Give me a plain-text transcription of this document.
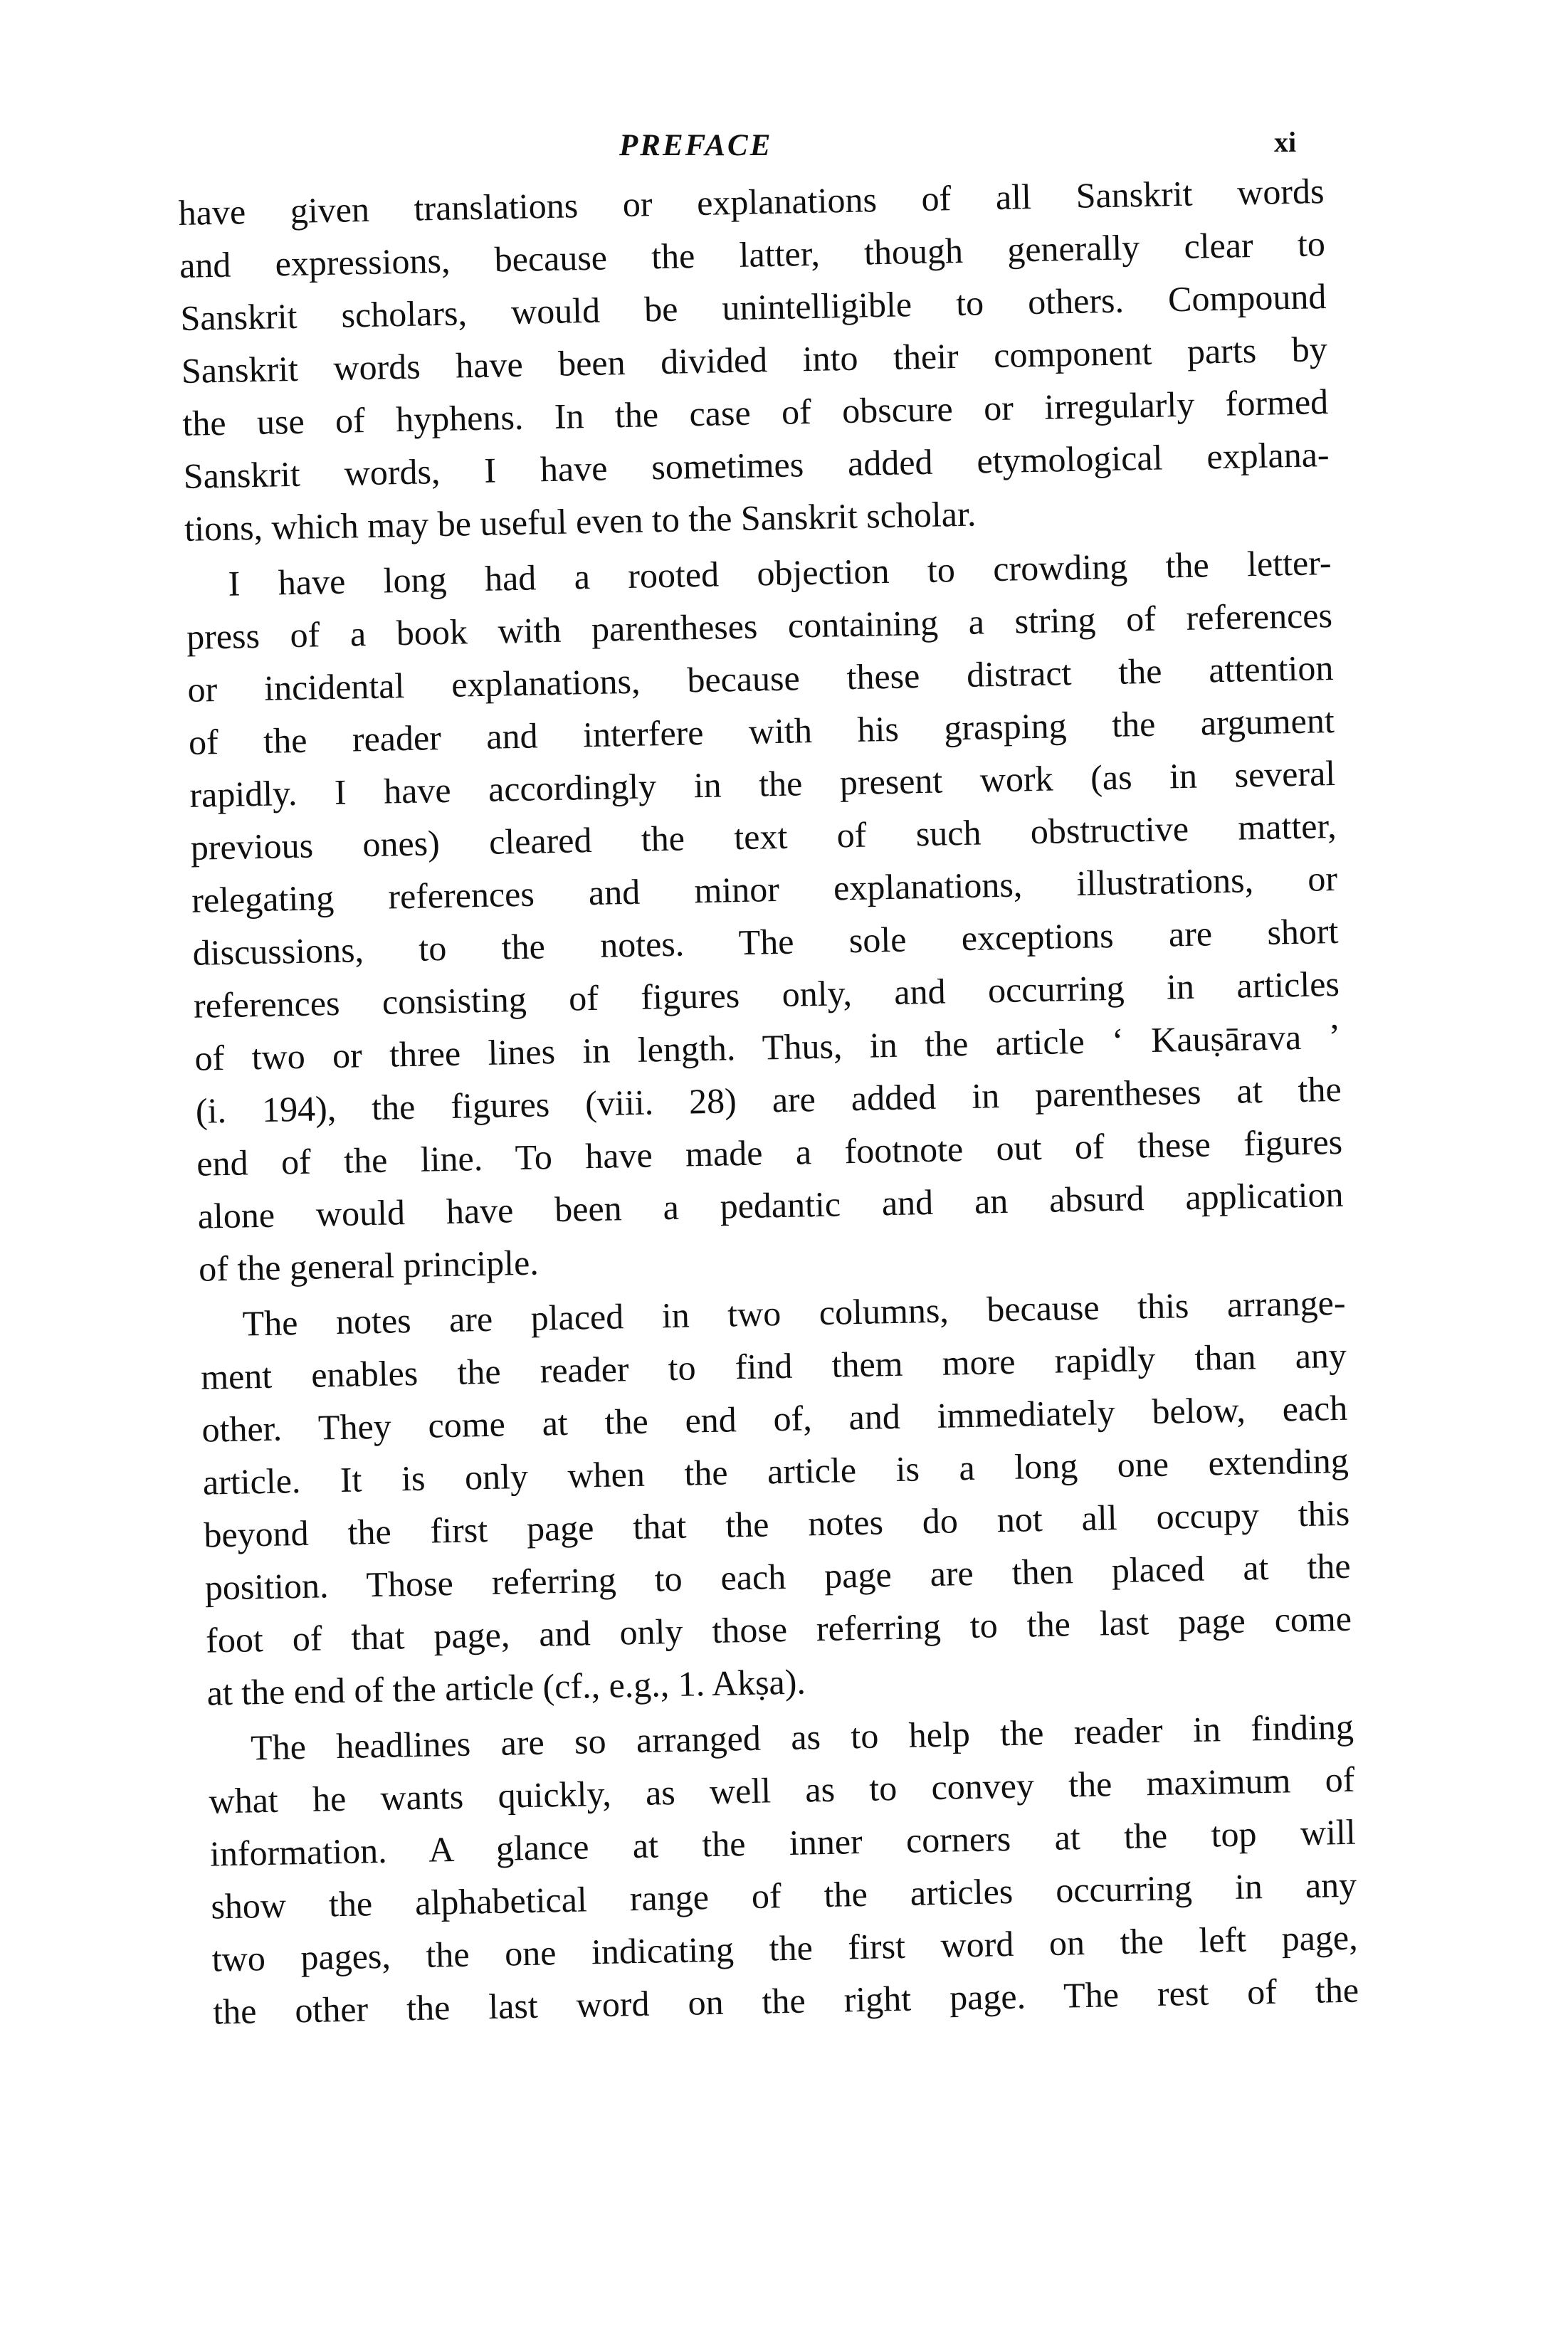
PREFACE	xi
have given translations or explanations of all Sanskrit words
and expressions, because the latter, though generally clear to
Sanskrit scholars, would be unintelligible to others. Compound
Sanskrit words have been divided into their component parts by
the use of hyphens. In the case of obscure or irregularly formed
Sanskrit words, I have sometimes added etymological explana-
tions, which may be useful even to the Sanskrit scholar.
I have long had a rooted objection to crowding the letter-
press of a book with parentheses containing a string of references
or incidental explanations, because these distract the attention
of the reader and interfere with his grasping the argument
rapidly. I have accordingly in the present work (as in several
previous ones) cleared the text of such obstructive matter,
relegating references and minor explanations, illustrations, or
discussions, to the notes. The sole exceptions are short
references consisting of figures only, and occurring in articles
of two or three lines in length. Thus, in the article ‘ Kauṣārava ’
(i. 194), the figures (viii. 28) are added in parentheses at the
end of the line. To have made a footnote out of these figures
alone would have been a pedantic and an absurd application
of the general principle.
The notes are placed in two columns, because this arrange-
ment enables the reader to find them more rapidly than any
other. They come at the end of, and immediately below, each
article. It is only when the article is a long one extending
beyond the first page that the notes do not all occupy this
position. Those referring to each page are then placed at the
foot of that page, and only those referring to the last page come
at the end of the article (cf., e.g., 1. Akṣa).
The headlines are so arranged as to help the reader in finding
what he wants quickly, as well as to convey the maximum of
information. A glance at the inner corners at the top will
show the alphabetical range of the articles occurring in any
two pages, the one indicating the first word on the left page,
the other the last word on the right page. The rest of the
